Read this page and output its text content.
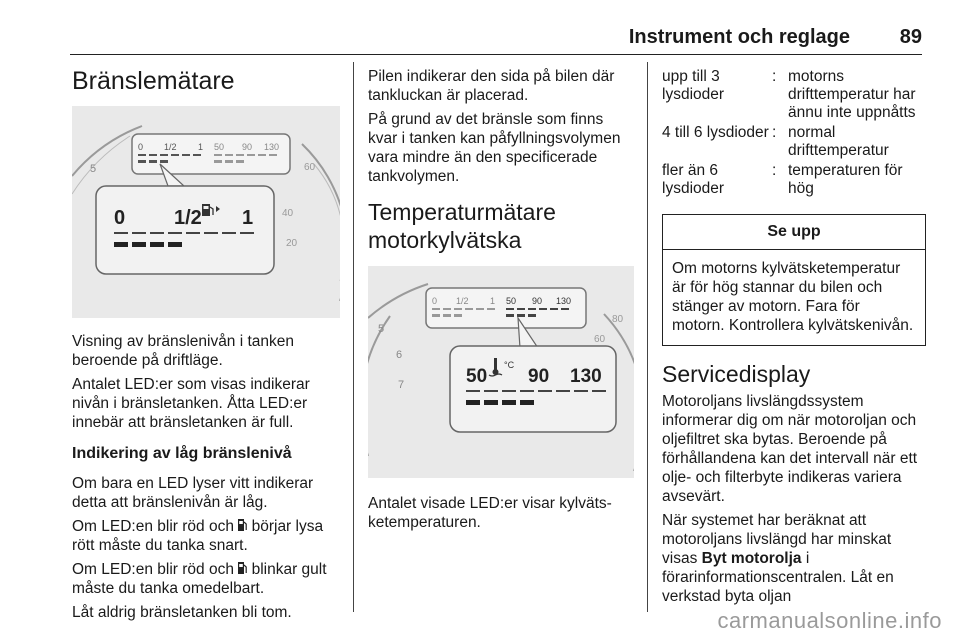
Instrument och reglage 89
Bränslemätare
5
40
20
60
0 1/2 1 50 90 130
0 1/2 1

Visning av bränslenivån i tanken beroende på driftläge.

Antalet LED:er som visas indikerar nivån i bränsletanken. Åtta LED:er innebär att bränsletanken är full.

Indikering av låg bränslenivå

Om bara en LED lyser vitt indikerar detta att bränslenivån är låg.

Om LED:en blir röd och börjar lysa rött måste du tanka snart.

Om LED:en blir röd och blinkar gult måste du tanka omedelbart.

Låt aldrig bränsletanken bli tom.

Pilen indikerar den sida på bilen där tankluckan är placerad.

På grund av det bränsle som finns kvar i tanken kan påfyllningsvolymen vara mindre än den specificerade tankvolymen.

Temperaturmätare motorkylvätska
5
6
7
60
80
0 1/2 1 50 90 130
50
°C
90 130

Antalet visade LED:er visar kylväts-ketemperaturen.

upp till 3 lysdioder
: motorns drifttemperatur har ännu inte uppnåtts
4 till 6 lysdioder : normal drifttemperatur
fler än 6 lysdioder
: temperaturen för hög
Se upp
Om motorns kylvätsketemperatur är för hög stannar du bilen och stänger av motorn. Fara för motorn. Kontrollera kylvätskenivån.
Servicedisplay

Motoroljans livslängdssystem informerar dig om när motoroljan och oljefiltret ska bytas. Beroende på förhållandena kan det intervall när ett olje- och filterbyte indikeras variera avsevärt.

När systemet har beräknat att motoroljans livslängd har minskat visas Byt motorolja i förarinformationscentralen. Låt en verkstad byta oljan

carmanualsonline.info
